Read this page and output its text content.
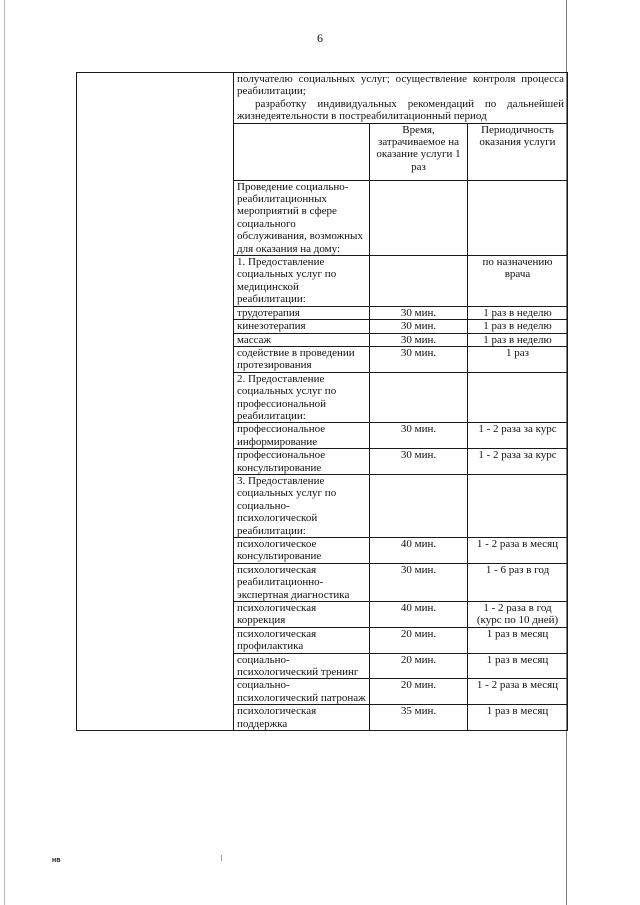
6

	получателю социальных услуг; осуществление контроля процесса реабилитации;

разработку индивидуальных рекомендаций по дальнейшей жизнедеятельности в постреабилитационный период		

		Время, затрачиваемое на оказание услуги 1 раз	Периодичность оказания услуги
	Проведение социально-реабилитационных мероприятий в сфере социального обслуживания, возможных для оказания на дому:		
	1. Предоставление социальных услуг по медицинской реабилитации:		по назначению врача
	трудотерапия	30 мин.	1 раз в неделю
	кинезотерапия	30 мин.	1 раз в неделю
	массаж	30 мин.	1 раз в неделю
	содействие в проведении протезирования	30 мин.	1 раз
	2. Предоставление социальных услуг по профессиональной реабилитации:		
	профессиональное информирование	30 мин.	1 - 2 раза за курс
	профессиональное консультирование	30 мин.	1 - 2 раза за курс
	3. Предоставление социальных услуг по социально-психологической реабилитации:		
	психологическое консультирование	40 мин.	1 - 2 раза в месяц
	психологическая реабилитационно-экспертная диагностика	30 мин.	1 - 6 раз в год
	психологическая коррекция	40 мин.	1 - 2 раза в год (курс по 10 дней)
	психологическая профилактика	20 мин.	1 раз в месяц
	социально-психологический тренинг	20 мин.	1 раз в месяц
	социально-психологический патронаж	20 мин.	1 - 2 раза в месяц
	психологическая поддержка	35 мин.	1 раз в месяц
нв
